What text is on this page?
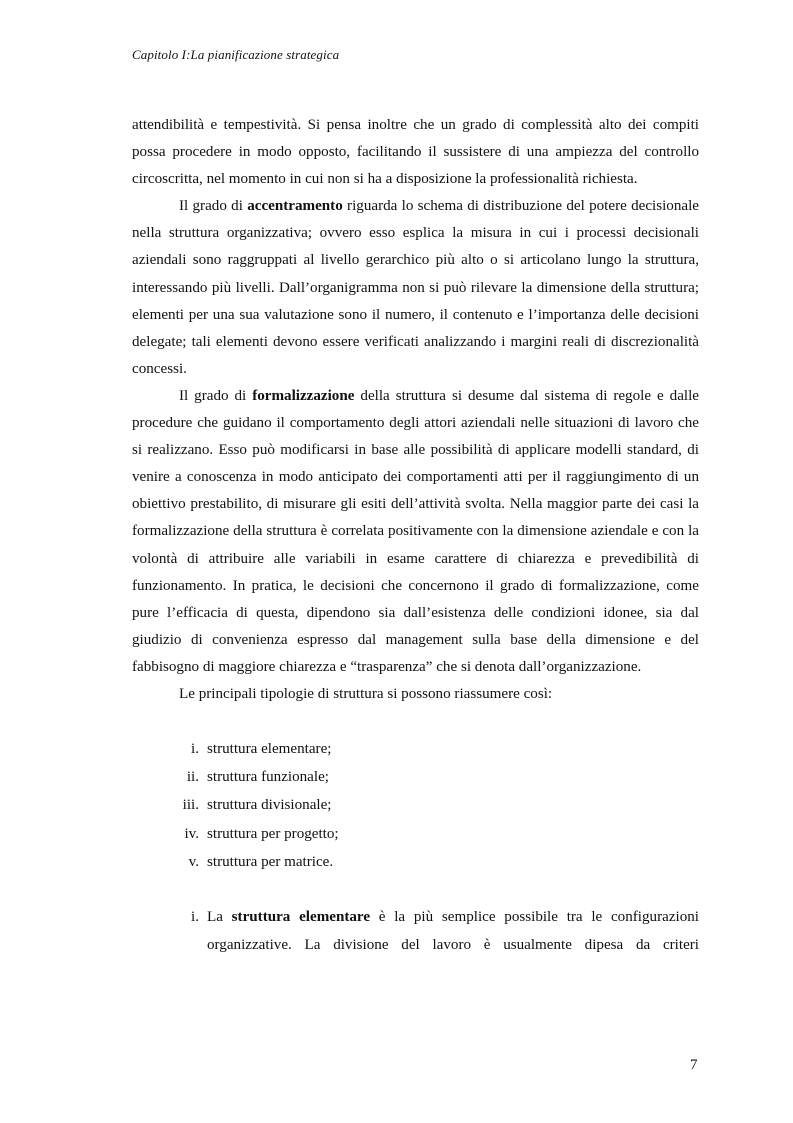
Capitolo I:La pianificazione strategica

attendibilità e tempestività. Si pensa inoltre che un grado di complessità alto dei compiti possa procedere in modo opposto, facilitando il sussistere di una ampiezza del controllo circoscritta, nel momento in cui non si ha a disposizione la professionalità richiesta.

Il grado di accentramento riguarda lo schema di distribuzione del potere decisionale nella struttura organizzativa; ovvero esso esplica la misura in cui i processi decisionali aziendali sono raggruppati al livello gerarchico più alto o si articolano lungo la struttura, interessando più livelli. Dall’organigramma non si può rilevare la dimensione della struttura; elementi per una sua valutazione sono il numero, il contenuto e l’importanza delle decisioni delegate; tali elementi devono essere verificati analizzando i margini reali di discrezionalità concessi.

Il grado di formalizzazione della struttura si desume dal sistema di regole e dalle procedure che guidano il comportamento degli attori aziendali nelle situazioni di lavoro che si realizzano. Esso può modificarsi in base alle possibilità di applicare modelli standard, di venire a conoscenza in modo anticipato dei comportamenti atti per il raggiungimento di un obiettivo prestabilito, di misurare gli esiti dell’attività svolta. Nella maggior parte dei casi la formalizzazione della struttura è correlata positivamente con la dimensione aziendale e con la volontà di attribuire alle variabili in esame carattere di chiarezza e prevedibilità di funzionamento. In pratica, le decisioni che concernono il grado di formalizzazione, come pure l’efficacia di questa, dipendono sia dall’esistenza delle condizioni idonee, sia dal giudizio di convenienza espresso dal management sulla base della dimensione e del fabbisogno di maggiore chiarezza e “trasparenza” che si denota dall’organizzazione.

Le principali tipologie di struttura si possono riassumere così:

i. struttura elementare;
ii. struttura funzionale;
iii. struttura divisionale;
iv. struttura per progetto;
v. struttura per matrice.
i. La struttura elementare è la più semplice possibile tra le configurazioni organizzative. La divisione del lavoro è usualmente dipesa da criteri
7
